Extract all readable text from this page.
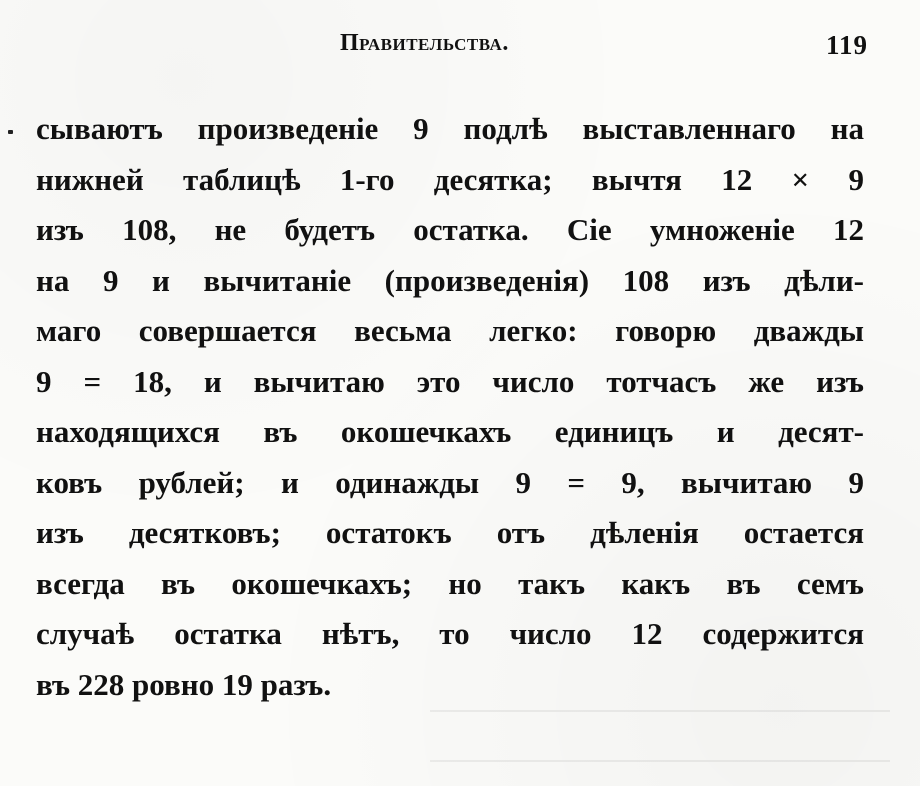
Правительства.	119
сываютъ произведеніе 9 подлѣ выставленнаго на
нижней таблицѣ 1-го десятка; вычтя 12 × 9
изъ 108, не будетъ остатка. Сіе умноженіе 12
на 9 и вычитаніе (произведенія) 108 изъ дѣли-
маго совершается весьма легко: говорю дважды
9 = 18, и вычитаю это число тотчасъ же изъ
находящихся въ окошечкахъ единицъ и десят-
ковъ рублей; и одинажды 9 = 9, вычитаю 9
изъ десятковъ; остатокъ отъ дѣленія остается
всегда въ окошечкахъ; но такъ какъ въ семъ
случаѣ остатка нѣтъ, то число 12 содержится
въ 228 ровно 19 разъ.
